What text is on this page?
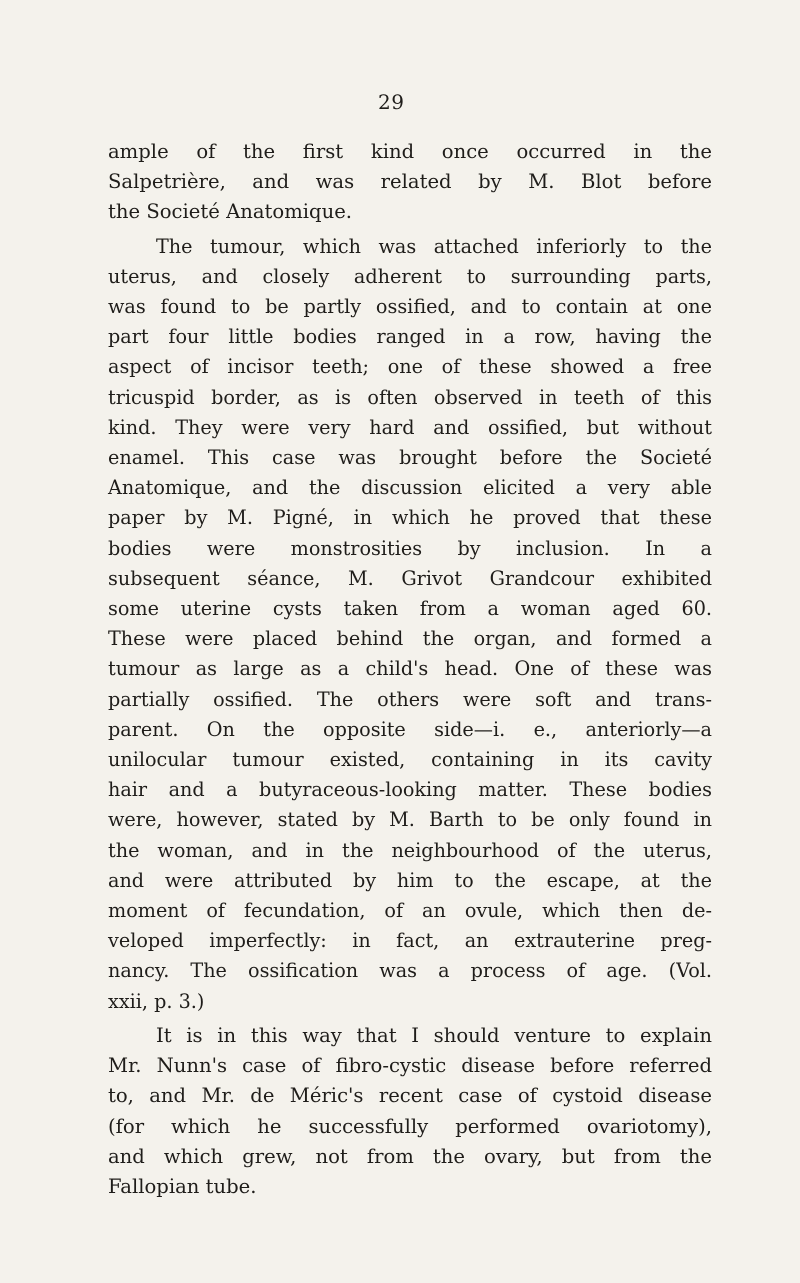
29
ample of the first kind once occurred in the
Salpetrière, and was related by M. Blot before
the Societé Anatomique.
The tumour, which was attached inferiorly to the
uterus, and closely adherent to surrounding parts,
was found to be partly ossified, and to contain at one
part four little bodies ranged in a row, having the
aspect of incisor teeth; one of these showed a free
tricuspid border, as is often observed in teeth of this
kind. They were very hard and ossified, but without
enamel. This case was brought before the Societé
Anatomique, and the discussion elicited a very able
paper by M. Pigné, in which he proved that these
bodies were monstrosities by inclusion. In a
subsequent séance, M. Grivot Grandcour exhibited
some uterine cysts taken from a woman aged 60.
These were placed behind the organ, and formed a
tumour as large as a child's head. One of these was
partially ossified. The others were soft and trans-
parent. On the opposite side—i. e., anteriorly—a
unilocular tumour existed, containing in its cavity
hair and a butyraceous-looking matter. These bodies
were, however, stated by M. Barth to be only found in
the woman, and in the neighbourhood of the uterus,
and were attributed by him to the escape, at the
moment of fecundation, of an ovule, which then de-
veloped imperfectly: in fact, an extrauterine preg-
nancy. The ossification was a process of age. (Vol.
xxii, p. 3.)
It is in this way that I should venture to explain
Mr. Nunn's case of fibro-cystic disease before referred
to, and Mr. de Méric's recent case of cystoid disease
(for which he successfully performed ovariotomy),
and which grew, not from the ovary, but from the
Fallopian tube.
